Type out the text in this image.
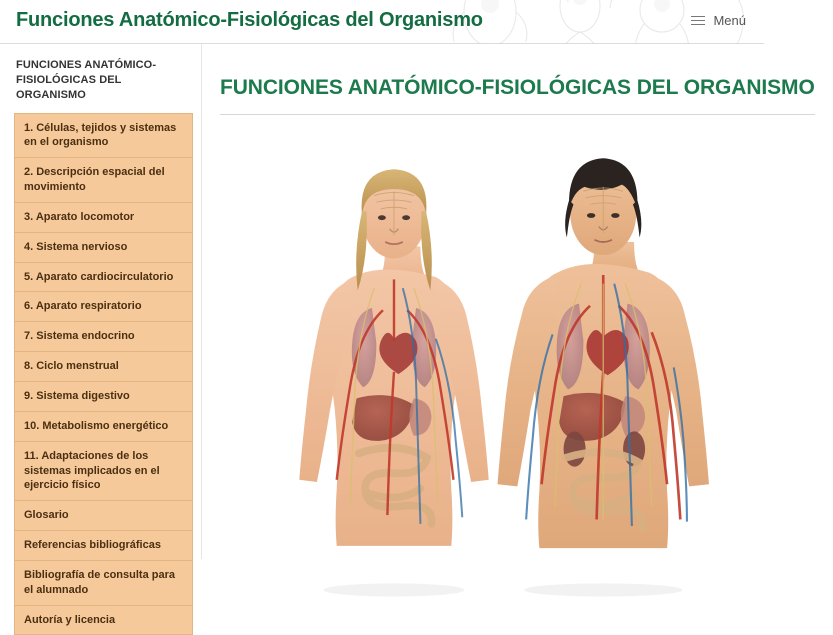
Funciones Anatómico-Fisiológicas del Organismo	Menú
FUNCIONES ANATÓMICO-FISIOLÓGICAS DEL ORGANISMO
1. Células, tejidos y sistemas en el organismo
2. Descripción espacial del movimiento
3. Aparato locomotor
4. Sistema nervioso
5. Aparato cardiocirculatorio
6. Aparato respiratorio
7. Sistema endocrino
8. Ciclo menstrual
9. Sistema digestivo
10. Metabolismo energético
11. Adaptaciones de los sistemas implicados en el ejercicio físico
Glosario
Referencias bibliográficas
Bibliografía de consulta para el alumnado
Autoría y licencia
FUNCIONES ANATÓMICO-FISIOLÓGICAS DEL ORGANISMO
